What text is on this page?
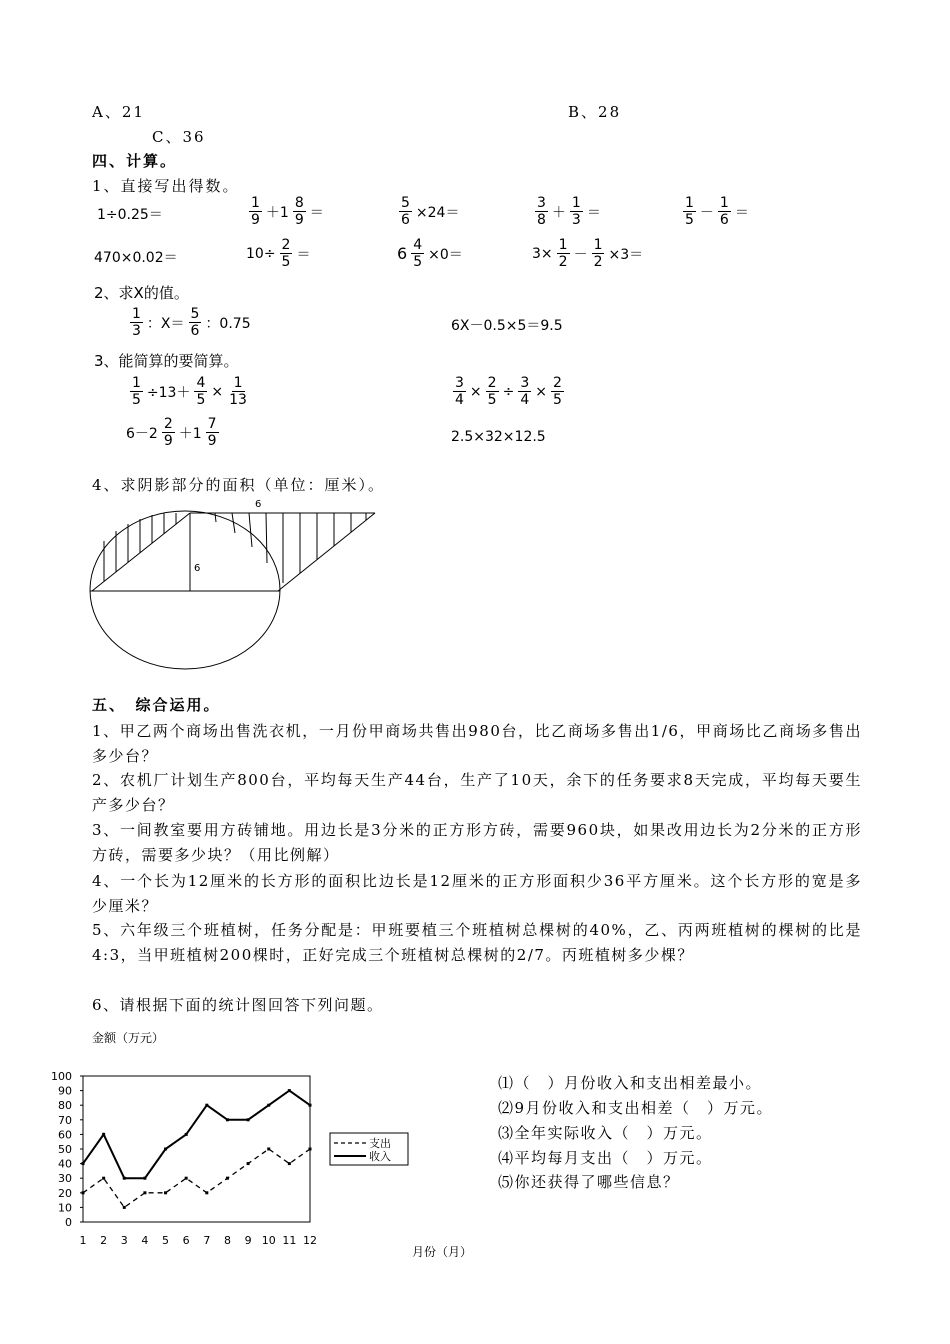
A、21	B、28
C、36
四、计算。
1、直接写出得数。
1÷0.25＝	$\frac{1}{9} +1 \frac{8}{9}$ ＝	$\frac{5}{6} \times 24=$	$\frac{3}{8} + \frac{1}{3}$ ＝	$\frac{1}{5} - \frac{1}{6}$ ＝
470×0.02＝	$10\div \frac{2}{5}$ ＝	$6 \frac{4}{5} \times 0=$	$3\times \frac{1}{2} - \frac{1}{2} \times 3=$
2、求X的值。
$\frac{1}{3}$ ：$X= \frac{5}{6}$ ：0.75	6X－0.5×5＝9.5
3、能简算的要简算。
$\frac{1}{5} \div 13+ \frac{4}{5} \times \frac{1}{13}$	$\frac{3}{4} \times \frac{2}{5} \div \frac{3}{4} \times \frac{2}{5}$
$6-2 \frac{2}{9} +1 \frac{7}{9}$	2.5×32×12.5
4、求阴影部分的面积（单位：厘米）。
6
6
五、　综合运用。
1、甲乙两个商场出售洗衣机，一月份甲商场共售出980台，比乙商场多售出1/6，甲商场比乙商场多售出多少台？
2、农机厂计划生产800台，平均每天生产44台，生产了10天，余下的任务要求8天完成，平均每天要生产多少台？
3、一间教室要用方砖铺地。用边长是3分米的正方形方砖，需要960块，如果改用边长为2分米的正方形方砖，需要多少块？（用比例解）
4、一个长为12厘米的长方形的面积比边长是12厘米的正方形面积少36平方厘米。这个长方形的宽是多少厘米？
5、六年级三个班植树，任务分配是：甲班要植三个班植树总棵树的40%，乙、丙两班植树的棵树的比是4:3，当甲班植树200棵时，正好完成三个班植树总棵树的2/7。丙班植树多少棵？
6、请根据下面的统计图回答下列问题。
金额（万元）
100
90
80
70
60
50
40
30
20
10
0
1 2 3 4 5 6 7 8 9 10 11 12
支出
收入
月份（月）
⑴（　）月份收入和支出相差最小。
⑵9月份收入和支出相差（　）万元。
⑶全年实际收入（　）万元。
⑷平均每月支出（　）万元。
⑸你还获得了哪些信息？
